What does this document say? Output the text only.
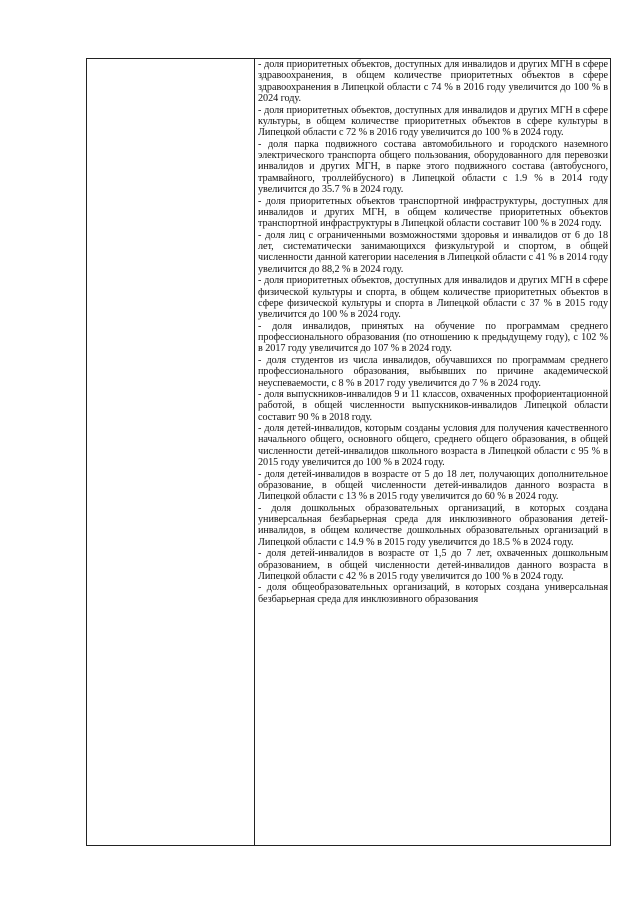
- доля приоритетных объектов, доступных для инвалидов и других МГН в сфере здравоохранения, в общем количестве приоритетных объектов в сфере здравоохранения в Липецкой области с 74 % в 2016 году увеличится до 100 % в 2024 году.

- доля приоритетных объектов, доступных для инвалидов и других МГН в сфере культуры, в общем количестве приоритетных объектов в сфере культуры в Липецкой области с 72 % в 2016 году увеличится до 100 % в 2024 году.

- доля парка подвижного состава автомобильного и городского наземного электрического транспорта общего пользования, оборудованного для перевозки инвалидов и других МГН, в парке этого подвижного состава (автобусного, трамвайного, троллейбусного) в Липецкой области с 1.9 % в 2014 году увеличится до 35.7 % в 2024 году.

- доля приоритетных объектов транспортной инфраструктуры, доступных для инвалидов и других МГН, в общем количестве приоритетных объектов транспортной инфраструктуры в Липецкой области составит 100 % в 2024 году.

- доля лиц с ограниченными возможностями здоровья и инвалидов от 6 до 18 лет, систематически занимающихся физкультурой и спортом, в общей численности данной категории населения в Липецкой области с 41 % в 2014 году увеличится до 88,2 % в 2024 году.

- доля приоритетных объектов, доступных для инвалидов и других МГН в сфере физической культуры и спорта, в общем количестве приоритетных объектов в сфере физической культуры и спорта в Липецкой области с 37 % в 2015 году увеличится до 100 % в 2024 году.

- доля инвалидов, принятых на обучение по программам среднего профессионального образования (по отношению к предыдущему году), с 102 % в 2017 году увеличится до 107 % в 2024 году.

- доля студентов из числа инвалидов, обучавшихся по программам среднего профессионального образования, выбывших по причине академической неуспеваемости, с 8 % в 2017 году увеличится до 7 % в 2024 году.

- доля выпускников-инвалидов 9 и 11 классов, охваченных профориентационной работой, в общей численности выпускников-инвалидов Липецкой области составит 90 % в 2018 году.

- доля детей-инвалидов, которым созданы условия для получения качественного начального общего, основного общего, среднего общего образования, в общей численности детей-инвалидов школьного возраста в Липецкой области с 95 % в 2015 году увеличится до 100 % в 2024 году.

- доля детей-инвалидов в возрасте от 5 до 18 лет, получающих дополнительное образование, в общей численности детей-инвалидов данного возраста в Липецкой области с 13 % в 2015 году увеличится до 60 % в 2024 году.

- доля дошкольных образовательных организаций, в которых создана универсальная безбарьерная среда для инклюзивного образования детей-инвалидов, в общем количестве дошкольных образовательных организаций в Липецкой области с 14.9 % в 2015 году увеличится до 18.5 % в 2024 году.

- доля детей-инвалидов в возрасте от 1,5 до 7 лет, охваченных дошкольным образованием, в общей численности детей-инвалидов данного возраста в Липецкой области с 42 % в 2015 году увеличится до 100 % в 2024 году.

- доля общеобразовательных организаций, в которых создана универсальная безбарьерная среда для инклюзивного образования
